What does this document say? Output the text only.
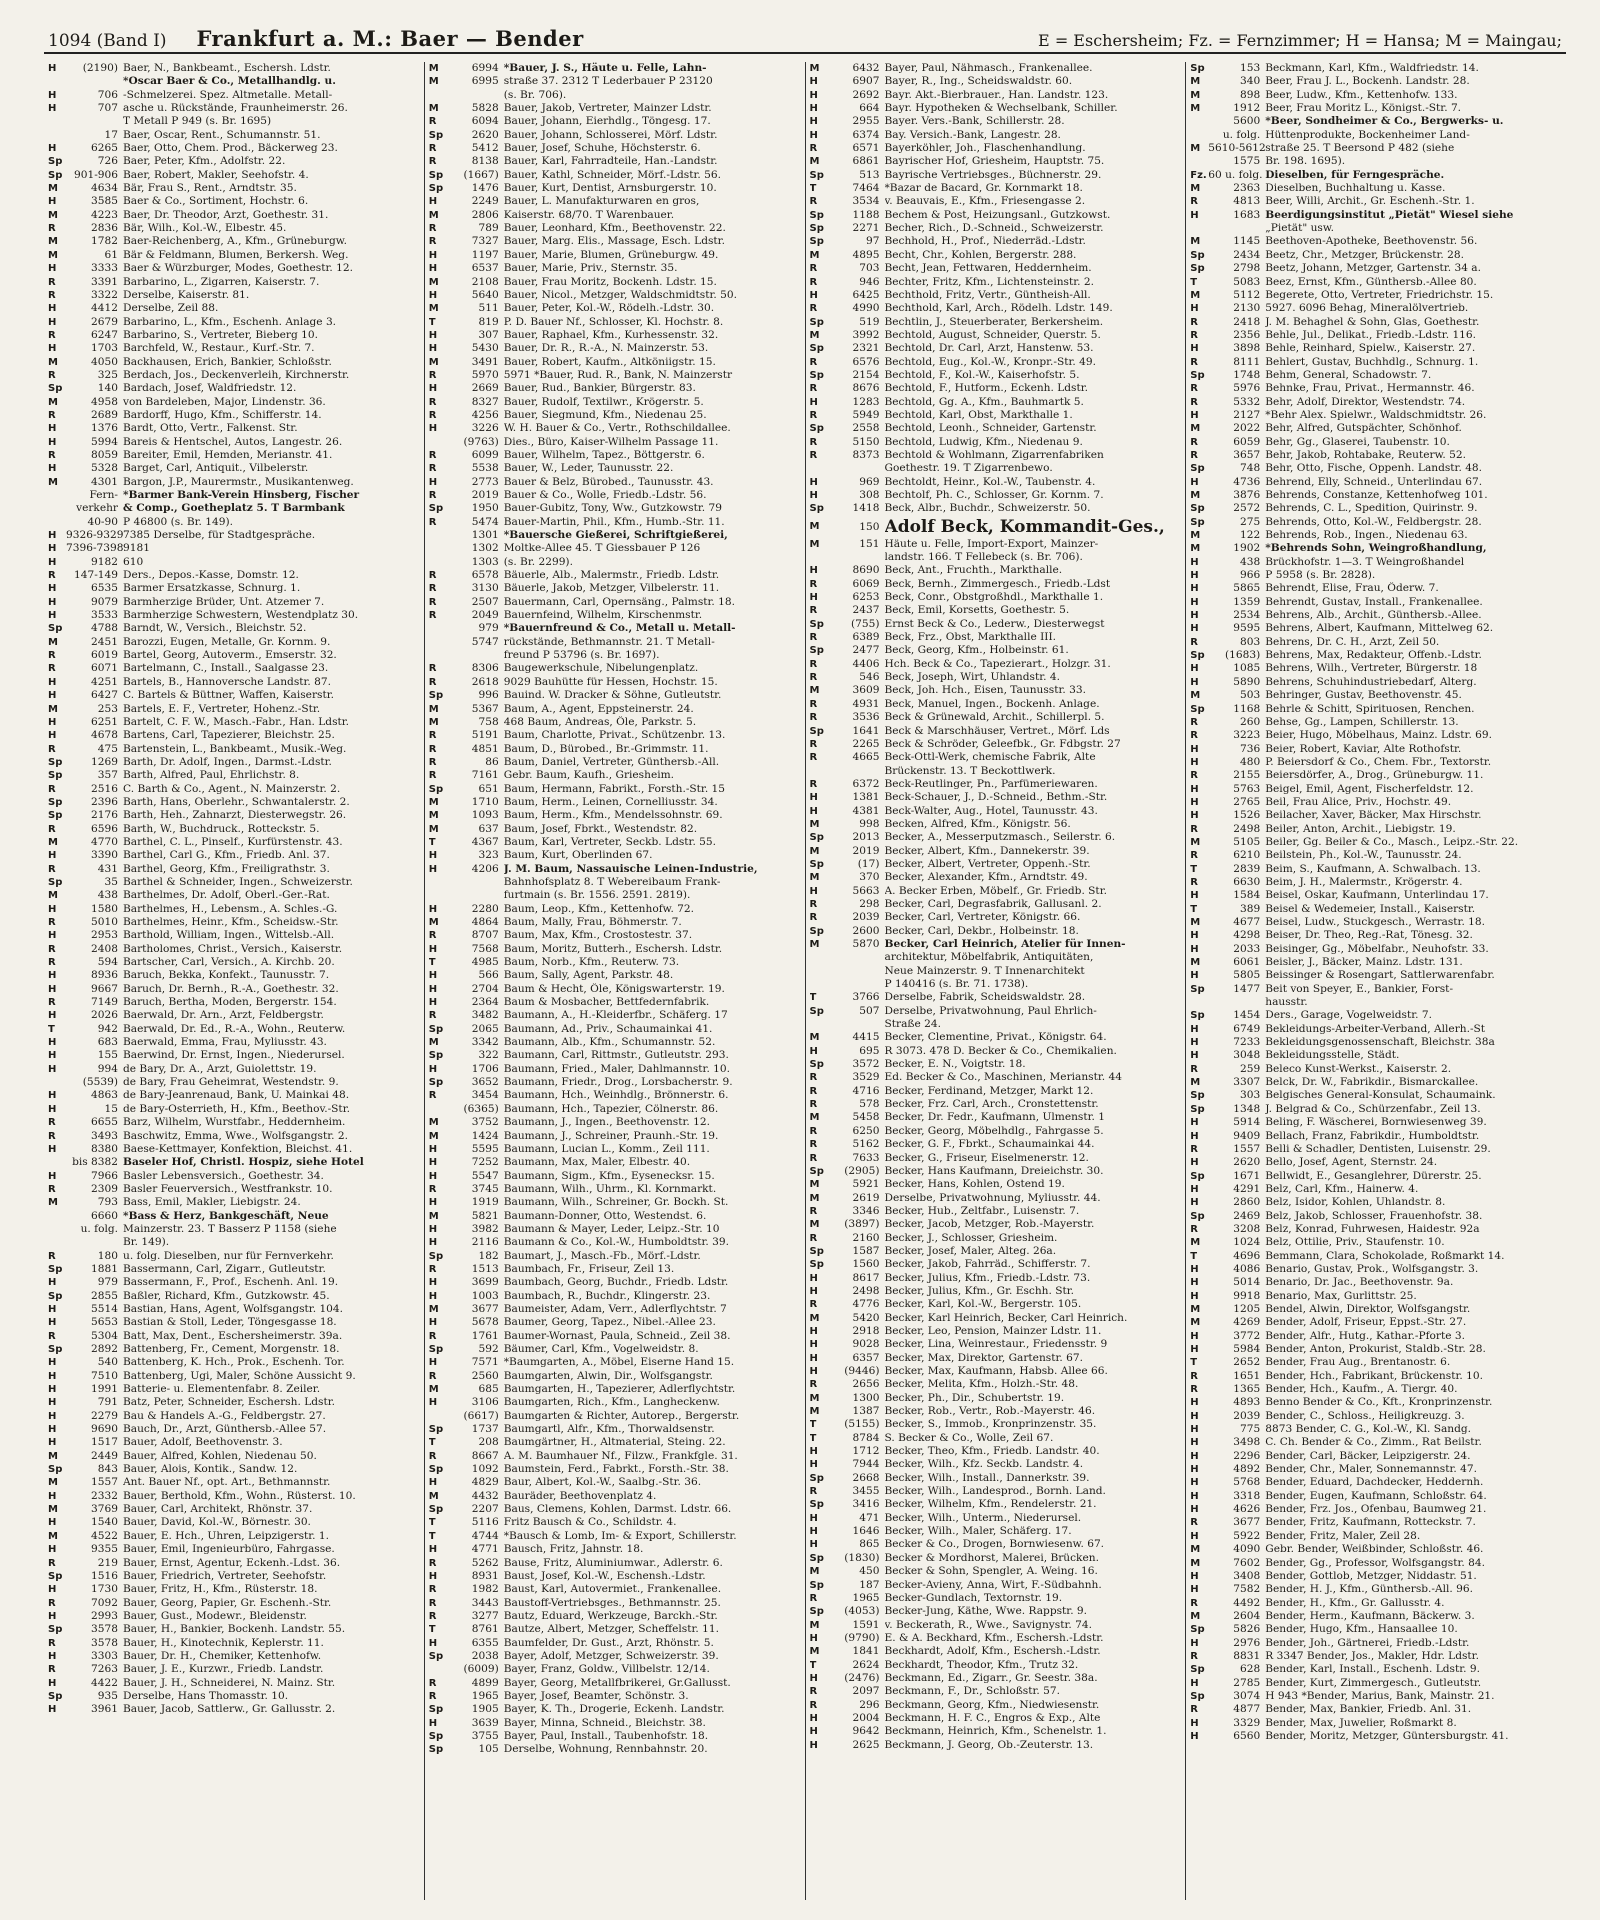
1094 (Band I) Frankfurt a. M.: Baer — Bender	E = Eschersheim; Fz. = Fernzimmer; H = Hansa; M = Maingau;
H	(2190) Baer, N., Bankbeamt., Eschersh. Ldstr.
*Oscar Baer & Co., Metallhandlg. u.
H	706 -Schmelzerei. Spez. Altmetalle. Metall-
H	707 asche u. Rückstände, Fraunheimerstr. 26.
T Metall P 949 (s. Br. 1695)
17 Baer, Oscar, Rent., Schumannstr. 51.
H	6265 Baer, Otto, Chem. Prod., Bäckerweg 23.
Sp	726 Baer, Peter, Kfm., Adolfstr. 22.
Sp	901-906 Baer, Robert, Makler, Seehofstr. 4.
M	4634 Bär, Frau S., Rent., Arndtstr. 35.
H	3585 Baer & Co., Sortiment, Hochstr. 6.
M	4223 Baer, Dr. Theodor, Arzt, Goethestr. 31.
R	2836 Bär, Wilh., Kol.-W., Elbestr. 45.
M	1782 Baer-Reichenberg, A., Kfm., Grüneburgw.
M	61 Bär & Feldmann, Blumen, Berkersh. Weg.
H	3333 Baer & Würzburger, Modes, Goethestr. 12.
R	3391 Barbarino, L., Zigarren, Kaiserstr. 7.
R	3322 Derselbe, Kaiserstr. 81.
H	4412 Derselbe, Zeil 88.
H	2679 Barbarino, L., Kfm., Eschenh. Anlage 3.
R	6247 Barbarino, S., Vertreter, Bieberg 10.
H	1703 Barchfeld, W., Restaur., Kurf.-Str. 7.
M	4050 Backhausen, Erich, Bankier, Schloßstr.
R	325 Berdach, Jos., Deckenverleih, Kirchnerstr.
Sp	140 Bardach, Josef, Waldfriedstr. 12.
M	4958 von Bardeleben, Major, Lindenstr. 36.
R	2689 Bardorff, Hugo, Kfm., Schifferstr. 14.
H	1376 Bardt, Otto, Vertr., Falkenst. Str.
H	5994 Bareis & Hentschel, Autos, Langestr. 26.
R	8059 Bareiter, Emil, Hemden, Merianstr. 41.
H	5328 Barget, Carl, Antiquit., Vilbelerstr.
M	4301 Bargon, J.P., Maurermstr., Musikantenweg.
Fern- *Barmer Bank-Verein Hinsberg, Fischer
verkehr & Comp., Goetheplatz 5. T Barmbank
40-90 P 46800 (s. Br. 149).
H 9326-9329 7385 Derselbe, für Stadtgespräche.
H 7396-7398 9181
H	9182 610
R	147-149 Ders., Depos.-Kasse, Domstr. 12.
H	6535 Barmer Ersatzkasse, Schnurg. 1.
H	9079 Barmherzige Brüder, Unt. Atzemer 7.
H	3533 Barmherzige Schwestern, Westendplatz 30.
Sp	4788 Barndt, W., Versich., Bleichstr. 52.
M	2451 Barozzi, Eugen, Metalle, Gr. Kornm. 9.
R	6019 Bartel, Georg, Autoverm., Emserstr. 32.
R	6071 Bartelmann, C., Install., Saalgasse 23.
H	4251 Bartels, B., Hannoversche Landstr. 87.
H	6427 C. Bartels & Büttner, Waffen, Kaiserstr.
M	253 Bartels, E. F., Vertreter, Hohenz.-Str.
H	6251 Bartelt, C. F. W., Masch.-Fabr., Han. Ldstr.
H	4678 Bartens, Carl, Tapezierer, Bleichstr. 25.
R	475 Bartenstein, L., Bankbeamt., Musik.-Weg.
Sp	1269 Barth, Dr. Adolf, Ingen., Darmst.-Ldstr.
Sp	357 Barth, Alfred, Paul, Ehrlichstr. 8.
R	2516 C. Barth & Co., Agent., N. Mainzerstr. 2.
Sp	2396 Barth, Hans, Oberlehr., Schwantalerstr. 2.
Sp	2176 Barth, Heh., Zahnarzt, Diesterwegstr. 26.
R	6596 Barth, W., Buchdruck., Rotteckstr. 5.
M	4770 Barthel, C. L., Pinself., Kurfürstenstr. 43.
H	3390 Barthel, Carl G., Kfm., Friedb. Anl. 37.
R	431 Barthel, Georg, Kfm., Freiligrathstr. 3.
Sp	35 Barthel & Schneider, Ingen., Schweizerstr.
M	438 Barthelmes, Dr. Adolf, Oberl.-Ger.-Rat.
H	1580 Barthelmes, H., Lebensm., A. Schles.-G.
R	5010 Barthelmes, Heinr., Kfm., Scheidsw.-Str.
H	2953 Barthold, William, Ingen., Wittelsb.-All.
R	2408 Bartholomes, Christ., Versich., Kaiserstr.
R	594 Bartscher, Carl, Versich., A. Kirchb. 20.
H	8936 Baruch, Bekka, Konfekt., Taunusstr. 7.
H	9667 Baruch, Dr. Bernh., R.-A., Goethestr. 32.
R	7149 Baruch, Bertha, Moden, Bergerstr. 154.
H	2026 Baerwald, Dr. Arn., Arzt, Feldbergstr.
T	942 Baerwald, Dr. Ed., R.-A., Wohn., Reuterw.
H	683 Baerwald, Emma, Frau, Myliusstr. 43.
H	155 Baerwind, Dr. Ernst, Ingen., Niederursel.
H	994 de Bary, Dr. A., Arzt, Guiolettstr. 19.
(5539) de Bary, Frau Geheimrat, Westendstr. 9.
H	4863 de Bary-Jeanrenaud, Bank, U. Mainkai 48.
H	15 de Bary-Osterrieth, H., Kfm., Beethov.-Str.
R	6655 Barz, Wilhelm, Wurstfabr., Heddernheim.
R	3493 Baschwitz, Emma, Wwe., Wolfsgangstr. 2.
H	8380 Baese-Kettmayer, Konfektion, Bleichst. 41.
bis 8382 Baseler Hof, Christl. Hospiz, siehe Hotel
H	7966 Basler Lebensversich., Goethestr. 34.
R	2309 Basler Feuerversich., Westfrankstr. 10.
M	793 Bass, Emil, Makler, Liebigstr. 24.
6660 *Bass & Herz, Bankgeschäft, Neue
u. folg. Mainzerstr. 23. T Basserz P 1158 (siehe
Br. 149).
R	180 u. folg. Dieselben, nur für Fernverkehr.
Sp	1881 Bassermann, Carl, Zigarr., Gutleutstr.
H	979 Bassermann, F., Prof., Eschenh. Anl. 19.
Sp	2855 Baßler, Richard, Kfm., Gutzkowstr. 45.
H	5514 Bastian, Hans, Agent, Wolfsgangstr. 104.
H	5653 Bastian & Stoll, Leder, Töngesgasse 18.
R	5304 Batt, Max, Dent., Eschersheimerstr. 39a.
Sp	2892 Battenberg, Fr., Cement, Morgenstr. 18.
H	540 Battenberg, K. Hch., Prok., Eschenh. Tor.
H	7510 Battenberg, Ugi, Maler, Schöne Aussicht 9.
H	1991 Batterie- u. Elementenfabr. 8. Zeiler.
H	791 Batz, Peter, Schneider, Eschersh. Ldstr.
H	2279 Bau & Handels A.-G., Feldbergstr. 27.
H	9690 Bauch, Dr., Arzt, Günthersb.-Allee 57.
H	1517 Bauer, Adolf, Beethovenstr. 3.
M	2449 Bauer, Alfred, Kohlen, Niedenau 50.
Sp	843 Bauer, Alois, Kontik., Sandw. 12.
M	1557 Ant. Bauer Nf., opt. Art., Bethmannstr.
H	2332 Bauer, Berthold, Kfm., Wohn., Rüsterst. 10.
M	3769 Bauer, Carl, Architekt, Rhönstr. 37.
H	1540 Bauer, David, Kol.-W., Börnestr. 30.
M	4522 Bauer, E. Hch., Uhren, Leipzigerstr. 1.
H	9355 Bauer, Emil, Ingenieurbüro, Fahrgasse.
R	219 Bauer, Ernst, Agentur, Eckenh.-Ldst. 36.
Sp	1516 Bauer, Friedrich, Vertreter, Seehofstr.
H	1730 Bauer, Fritz, H., Kfm., Rüsterstr. 18.
R	7092 Bauer, Georg, Papier, Gr. Eschenh.-Str.
H	2993 Bauer, Gust., Modewr., Bleidenstr.
Sp	3578 Bauer, H., Bankier, Bockenh. Landstr. 55.
R	3578 Bauer, H., Kinotechnik, Keplerstr. 11.
H	3303 Bauer, Dr. H., Chemiker, Kettenhofw.
R	7263 Bauer, J. E., Kurzwr., Friedb. Landstr.
H	4422 Bauer, J. H., Schneiderei, N. Mainz. Str.
Sp	935 Derselbe, Hans Thomasstr. 10.
H	3961 Bauer, Jacob, Sattlerw., Gr. Gallusstr. 2.
M	6994 *Bauer, J. S., Häute u. Felle, Lahn-
M	6995 straße 37. 2312 T Lederbauer P 23120
(s. Br. 706).
M	5828 Bauer, Jakob, Vertreter, Mainzer Ldstr.
R	6094 Bauer, Johann, Eierhdlg., Töngesg. 17.
Sp	2620 Bauer, Johann, Schlosserei, Mörf. Ldstr.
R	5412 Bauer, Josef, Schuhe, Höchsterstr. 6.
R	8138 Bauer, Karl, Fahrradteile, Han.-Landstr.
Sp	(1667) Bauer, Kathl, Schneider, Mörf.-Ldstr. 56.
Sp	1476 Bauer, Kurt, Dentist, Arnsburgerstr. 10.
H	2249 Bauer, L. Manufakturwaren en gros,
M	2806 Kaiserstr. 68/70. T Warenbauer.
R	789 Bauer, Leonhard, Kfm., Beethovenstr. 22.
R	7327 Bauer, Marg. Elis., Massage, Esch. Ldstr.
H	1197 Bauer, Marie, Blumen, Grüneburgw. 49.
H	6537 Bauer, Marie, Priv., Sternstr. 35.
M	2108 Bauer, Frau Moritz, Bockenh. Ldstr. 15.
H	5640 Bauer, Nicol., Metzger, Waldschmidtstr. 50.
M	511 Bauer, Peter, Kol.-W., Rödelh.-Ldstr. 30.
T	819 P. D. Bauer Nf., Schlosser, Kl. Hochstr. 8.
H	307 Bauer, Raphael, Kfm., Kurhessenstr. 32.
H	5430 Bauer, Dr. R., R.-A., N. Mainzerstr. 53.
M	3491 Bauer, Robert, Kaufm., Altköniigstr. 15.
R	5970 5971 *Bauer, Rud. R., Bank, N. Mainzerstr
H	2669 Bauer, Rud., Bankier, Bürgerstr. 83.
R	8327 Bauer, Rudolf, Textilwr., Krögerstr. 5.
R	4256 Bauer, Siegmund, Kfm., Niedenau 25.
H	3226 W. H. Bauer & Co., Vertr., Rothschildallee.
(9763) Dies., Büro, Kaiser-Wilhelm Passage 11.
R	6099 Bauer, Wilhelm, Tapez., Böttgerstr. 6.
R	5538 Bauer, W., Leder, Taunusstr. 22.
H	2773 Bauer & Belz, Bürobed., Taunusstr. 43.
R	2019 Bauer & Co., Wolle, Friedb.-Ldstr. 56.
Sp	1950 Bauer-Gubitz, Tony, Ww., Gutzkowstr. 79
R	5474 Bauer-Martin, Phil., Kfm., Humb.-Str. 11.
1301 *Bauersche Gießerei, Schriftgießerei,
1302 Moltke-Allee 45. T Giessbauer P 126
1303 (s. Br. 2299).
R	6578 Bäuerle, Alb., Malermstr., Friedb. Ldstr.
R	3130 Bäuerle, Jakob, Metzger, Vilbelerstr. 11.
R	2507 Bauermann, Carl, Opernsäng., Palmstr. 18.
R	2049 Bauernfeind, Wilhelm, Kirschenmstr.
979 *Bauernfreund & Co., Metall u. Metall-
5747 rückstände, Bethmannstr. 21. T Metall-
freund P 53796 (s. Br. 1697).
R	8306 Baugewerkschule, Nibelungenplatz.
R	2618 9029 Bauhütte für Hessen, Hochstr. 15.
Sp	996 Bauind. W. Dracker & Söhne, Gutleutstr.
M	5367 Baum, A., Agent, Eppsteinerstr. 24.
M	758 468 Baum, Andreas, Öle, Parkstr. 5.
R	5191 Baum, Charlotte, Privat., Schützenbr. 13.
R	4851 Baum, D., Bürobed., Br.-Grimmstr. 11.
R	86 Baum, Daniel, Vertreter, Günthersb.-All.
R	7161 Gebr. Baum, Kaufh., Griesheim.
Sp	651 Baum, Hermann, Fabrikt., Forsth.-Str. 15
M	1710 Baum, Herm., Leinen, Cornelliusstr. 34.
M	1093 Baum, Herm., Kfm., Mendelssohnstr. 69.
M	637 Baum, Josef, Fbrkt., Westendstr. 82.
T	4367 Baum, Karl, Vertreter, Seckb. Ldstr. 55.
H	323 Baum, Kurt, Oberlinden 67.
H	4206 J. M. Baum, Nassauische Leinen-Industrie,
Bahnhofsplatz 8. T Webereibaum Frank-
furtmain (s. Br. 1556. 2591. 2819).
H	2280 Baum, Leop., Kfm., Kettenhofw. 72.
M	4864 Baum, Mally, Frau, Böhmerstr. 7.
R	8707 Baum, Max, Kfm., Crostostestr. 37.
H	7568 Baum, Moritz, Butterh., Eschersh. Ldstr.
T	4985 Baum, Norb., Kfm., Reuterw. 73.
H	566 Baum, Sally, Agent, Parkstr. 48.
H	2704 Baum & Hecht, Öle, Königswarterstr. 19.
H	2364 Baum & Mosbacher, Bettfedernfabrik.
R	3482 Baumann, A., H.-Kleiderfbr., Schäferg. 17
Sp	2065 Baumann, Ad., Priv., Schaumainkai 41.
M	3342 Baumann, Alb., Kfm., Schumannstr. 52.
Sp	322 Baumann, Carl, Rittmstr., Gutleutstr. 293.
H	1706 Baumann, Fried., Maler, Dahlmannstr. 10.
Sp	3652 Baumann, Friedr., Drog., Lorsbacherstr. 9.
R	3454 Baumann, Hch., Weinhdlg., Brönnerstr. 6.
(6365) Baumann, Hch., Tapezier, Cölnerstr. 86.
M	3752 Baumann, J., Ingen., Beethovenstr. 12.
M	1424 Baumann, J., Schreiner, Praunh.-Str. 19.
H	5595 Baumann, Lucian L., Komm., Zeil 111.
H	7252 Baumann, Max, Maler, Elbestr. 40.
H	5547 Baumann, Sigm., Kfm., Eysenecksr. 15.
R	3745 Baumann, Wilh., Uhrm., Kl. Kornmarkt.
H	1919 Baumann, Wilh., Schreiner, Gr. Bockh. St.
M	5821 Baumann-Donner, Otto, Westendst. 6.
H	3982 Baumann & Mayer, Leder, Leipz.-Str. 10
H	2116 Baumann & Co., Kol.-W., Humboldtstr. 39.
Sp	182 Baumart, J., Masch.-Fb., Mörf.-Ldstr.
R	1513 Baumbach, Fr., Friseur, Zeil 13.
H	3699 Baumbach, Georg, Buchdr., Friedb. Ldstr.
H	1003 Baumbach, R., Buchdr., Klingerstr. 23.
M	3677 Baumeister, Adam, Verr., Adlerflychtstr. 7
H	5678 Baumer, Georg, Tapez., Nibel.-Allee 23.
R	1761 Baumer-Wornast, Paula, Schneid., Zeil 38.
Sp	592 Bäumer, Carl, Kfm., Vogelweidstr. 8.
H	7571 *Baumgarten, A., Möbel, Eiserne Hand 15.
R	2560 Baumgarten, Alwin, Dir., Wolfsgangstr.
M	685 Baumgarten, H., Tapezierer, Adlerflychtstr.
H	3106 Baumgarten, Rich., Kfm., Langheckenw.
(6617) Baumgarten & Richter, Autorep., Bergerstr.
Sp	1737 Baumgartl, Alfr., Kfm., Thorwaldsenstr.
T	208 Baumgärtner, H., Altmaterial, Steing. 22.
R	8667 A. M. Baumhauer Nf., Filzw., Frankfgle. 31.
Sp	1092 Baumstein, Ferd., Fabrkt., Forsth.-Str. 38.
H	4829 Baur, Albert, Kol.-W., Saalbg.-Str. 36.
M	4432 Bauräder, Beethovenplatz 4.
Sp	2207 Baus, Clemens, Kohlen, Darmst. Ldstr. 66.
T	5116 Fritz Bausch & Co., Schildstr. 4.
T	4744 *Bausch & Lomb, Im- & Export, Schillerstr.
H	4771 Bausch, Fritz, Jahnstr. 18.
R	5262 Bause, Fritz, Aluminiumwar., Adlerstr. 6.
H	8931 Baust, Josef, Kol.-W., Eschensh.-Ldstr.
R	1982 Baust, Karl, Autovermiet., Frankenallee.
R	3443 Baustoff-Vertriebsges., Bethmannstr. 25.
R	3277 Bautz, Eduard, Werkzeuge, Barckh.-Str.
T	8761 Bautze, Albert, Metzger, Scheffelstr. 11.
H	6355 Baumfelder, Dr. Gust., Arzt, Rhönstr. 5.
Sp	2038 Bayer, Adolf, Metzger, Schweizerstr. 39.
(6009) Bayer, Franz, Goldw., Villbelstr. 12/14.
R	4899 Bayer, Georg, Metallfbrikerei, Gr.Gallusst.
R	1965 Bayer, Josef, Beamter, Schönstr. 3.
Sp	1905 Bayer, K. Th., Drogerie, Eckenh. Landstr.
H	3639 Bayer, Minna, Schneid., Bleichstr. 38.
Sp	3755 Bayer, Paul, Install., Taubenhofstr. 18.
Sp	105 Derselbe, Wohnung, Rennbahnstr. 20.
M	6432 Bayer, Paul, Nähmasch., Frankenallee.
H	6907 Bayer, R., Ing., Scheidswaldstr. 60.
H	2692 Bayr. Akt.-Bierbrauer., Han. Landstr. 123.
H	664 Bayr. Hypotheken & Wechselbank, Schiller.
H	2955 Bayer. Vers.-Bank, Schillerstr. 28.
H	6374 Bay. Versich.-Bank, Langestr. 28.
R	6571 Bayerköhler, Joh., Flaschenhandlung.
M	6861 Bayrischer Hof, Griesheim, Hauptstr. 75.
Sp	513 Bayrische Vertriebsges., Büchnerstr. 29.
T	7464 *Bazar de Bacard, Gr. Kornmarkt 18.
R	3534 v. Beauvais, E., Kfm., Friesengasse 2.
Sp	1188 Bechem & Post, Heizungsanl., Gutzkowst.
Sp	2271 Becher, Rich., D.-Schneid., Schweizerstr.
Sp	97 Bechhold, H., Prof., Niederräd.-Ldstr.
M	4895 Becht, Chr., Kohlen, Bergerstr. 288.
R	703 Becht, Jean, Fettwaren, Heddernheim.
R	946 Bechter, Fritz, Kfm., Lichtensteinstr. 2.
H	6425 Bechthold, Fritz, Vertr., Güntheish-All.
R	4990 Bechthold, Karl, Arch., Rödelh. Ldstr. 149.
Sp	519 Bechtlin, J., Steuerberater, Berkersheim.
M	3992 Bechtold, August, Schneider, Querstr. 5.
Sp	2321 Bechtold, Dr. Carl, Arzt, Hanstenw. 53.
R	6576 Bechtold, Eug., Kol.-W., Kronpr.-Str. 49.
Sp	2154 Bechtold, F., Kol.-W., Kaiserhofstr. 5.
R	8676 Bechtold, F., Hutform., Eckenh. Ldstr.
H	1283 Bechtold, Gg. A., Kfm., Bauhmartk 5.
R	5949 Bechtold, Karl, Obst, Markthalle 1.
Sp	2558 Bechtold, Leonh., Schneider, Gartenstr.
R	5150 Bechtold, Ludwig, Kfm., Niedenau 9.
R	8373 Bechtold & Wohlmann, Zigarrenfabriken
Goethestr. 19. T Zigarrenbewo.
H	969 Bechtoldt, Heinr., Kol.-W., Taubenstr. 4.
H	308 Bechtolf, Ph. C., Schlosser, Gr. Kornm. 7.
Sp	1418 Beck, Albr., Buchdr., Schweizerstr. 50.
M	150 Adolf Beck, Kommandit-Ges.,
M	151 Häute u. Felle, Import-Export, Mainzer-
landstr. 166. T Fellebeck (s. Br. 706).
H	8690 Beck, Ant., Fruchth., Markthalle.
R	6069 Beck, Bernh., Zimmergesch., Friedb.-Ldst
H	6253 Beck, Conr., Obstgroßhdl., Markthalle 1.
R	2437 Beck, Emil, Korsetts, Goethestr. 5.
Sp	(755) Ernst Beck & Co., Lederw., Diesterwegst
R	6389 Beck, Frz., Obst, Markthalle III.
Sp	2477 Beck, Georg, Kfm., Holbeinstr. 61.
R	4406 Hch. Beck & Co., Tapezierart., Holzgr. 31.
R	546 Beck, Joseph, Wirt, Uhlandstr. 4.
M	3609 Beck, Joh. Hch., Eisen, Taunusstr. 33.
R	4931 Beck, Manuel, Ingen., Bockenh. Anlage.
R	3536 Beck & Grünewald, Archit., Schillerpl. 5.
Sp	1641 Beck & Marschhäuser, Vertret., Mörf. Lds
R	2265 Beck & Schröder, Geleefbk., Gr. Fdbgstr. 27
R	4665 Beck-Ottl-Werk, chemische Fabrik, Alte
Brückenstr. 13. T Beckottlwerk.
R	6372 Beck-Reutlinger, Pn., Parfümeriewaren.
H	1381 Beck-Schauer, J., D.-Schneid., Bethm.-Str.
H	4381 Beck-Walter, Aug., Hotel, Taunusstr. 43.
M	998 Becken, Alfred, Kfm., Königstr. 56.
Sp	2013 Becker, A., Messerputzmasch., Seilerstr. 6.
M	2019 Becker, Albert, Kfm., Dannekerstr. 39.
Sp	(17) Becker, Albert, Vertreter, Oppenh.-Str.
M	370 Becker, Alexander, Kfm., Arndtstr. 49.
H	5663 A. Becker Erben, Möbelf., Gr. Friedb. Str.
R	298 Becker, Carl, Degrasfabrik, Gallusanl. 2.
R	2039 Becker, Carl, Vertreter, Königstr. 66.
Sp	2600 Becker, Carl, Dekbr., Holbeinstr. 18.
M	5870 Becker, Carl Heinrich, Atelier für Innen-
architektur, Möbelfabrik, Antiquitäten,
Neue Mainzerstr. 9. T Innenarchitekt
P 140416 (s. Br. 71. 1738).
T	3766 Derselbe, Fabrik, Scheidswaldstr. 28.
Sp	507 Derselbe, Privatwohnung, Paul Ehrlich-
Straße 24.
M	4415 Becker, Clementine, Privat., Königstr. 64.
H	695 R 3073. 478 D. Becker & Co., Chemikalien.
Sp	3572 Becker, E. N., Voigtstr. 18.
R	3529 Ed. Becker & Co., Maschinen, Merianstr. 44
R	4716 Becker, Ferdinand, Metzger, Markt 12.
R	578 Becker, Frz. Carl, Arch., Cronstettenstr.
M	5458 Becker, Dr. Fedr., Kaufmann, Ulmenstr. 1
R	6250 Becker, Georg, Möbelhdlg., Fahrgasse 5.
R	5162 Becker, G. F., Fbrkt., Schaumainkai 44.
R	7633 Becker, G., Friseur, Eiselmenerstr. 12.
Sp	(2905) Becker, Hans Kaufmann, Dreieichstr. 30.
M	5921 Becker, Hans, Kohlen, Ostend 19.
M	2619 Derselbe, Privatwohnung, Myliusstr. 44.
R	3346 Becker, Hub., Zeltfabr., Luisenstr. 7.
M	(3897) Becker, Jacob, Metzger, Rob.-Mayerstr.
R	2160 Becker, J., Schlosser, Griesheim.
Sp	1587 Becker, Josef, Maler, Alteg. 26a.
Sp	1560 Becker, Jakob, Fahrräd., Schifferstr. 7.
H	8617 Becker, Julius, Kfm., Friedb.-Ldstr. 73.
H	2498 Becker, Julius, Kfm., Gr. Eschh. Str.
R	4776 Becker, Karl, Kol.-W., Bergerstr. 105.
M	5420 Becker, Karl Heinrich, Becker, Carl Heinrich.
H	2918 Becker, Leo, Pension, Mainzer Ldstr. 11.
H	9028 Becker, Lina, Weinrestaur., Friedensstr. 9
H	6357 Becker, Max, Direktor, Gartenstr. 67.
H	(9446) Becker, Max, Kaufmann, Habsb. Allee 66.
R	2656 Becker, Melita, Kfm., Holzh.-Str. 48.
M	1300 Becker, Ph., Dir., Schubertstr. 19.
M	1387 Becker, Rob., Vertr., Rob.-Mayerstr. 46.
T	(5155) Becker, S., Immob., Kronprinzenstr. 35.
T	8784 S. Becker & Co., Wolle, Zeil 67.
H	1712 Becker, Theo, Kfm., Friedb. Landstr. 40.
H	7944 Becker, Wilh., Kfz. Seckb. Landstr. 4.
Sp	2668 Becker, Wilh., Install., Dannerkstr. 39.
R	3455 Becker, Wilh., Landesprod., Bornh. Land.
Sp	3416 Becker, Wilhelm, Kfm., Rendelerstr. 21.
H	471 Becker, Wilh., Unterm., Niederursel.
H	1646 Becker, Wilh., Maler, Schäferg. 17.
H	865 Becker & Co., Drogen, Bornwiesenw. 67.
Sp	(1830) Becker & Mordhorst, Malerei, Brücken.
M	450 Becker & Sohn, Spengler, A. Weing. 16.
Sp	187 Becker-Avieny, Anna, Wirt, F.-Südbahnh.
R	1965 Becker-Gundlach, Textornstr. 19.
Sp	(4053) Becker-Jung, Käthe, Wwe. Rappstr. 9.
M	1591 v. Beckerath, R., Wwe., Savignystr. 74.
H	(9790) E. & A. Beckhard, Kfm., Eschersh.-Ldstr.
M	1841 Beckhardt, Adolf, Kfm., Eschersh.-Ldstr.
T	2624 Beckhardt, Theodor, Kfm., Trutz 32.
H	(2476) Beckmann, Ed., Zigarr., Gr. Seestr. 38a.
R	2097 Beckmann, F., Dr., Schloßstr. 57.
R	296 Beckmann, Georg, Kfm., Niedwiesenstr.
H	2004 Beckmann, H. F. C., Engros & Exp., Alte
H	9642 Beckmann, Heinrich, Kfm., Schenelstr. 1.
H	2625 Beckmann, J. Georg, Ob.-Zeuterstr. 13.
Sp	153 Beckmann, Karl, Kfm., Waldfriedstr. 14.
M	340 Beer, Frau J. L., Bockenh. Landstr. 28.
M	898 Beer, Ludw., Kfm., Kettenhofw. 133.
M	1912 Beer, Frau Moritz L., Königst.-Str. 7.
5600 *Beer, Sondheimer & Co., Bergwerks- u.
u. folg. Hüttenprodukte, Bockenheimer Land-
M 5610-5612 straße 25. T Beersond P 482 (siehe
1575 Br. 198. 1695).
Fz. 60 u. folg. Dieselben, für Ferngespräche.
M	2363 Dieselben, Buchhaltung u. Kasse.
R	4813 Beer, Willi, Archit., Gr. Eschenh.-Str. 1.
H	1683 Beerdigungsinstitut „Pietät" Wiesel siehe
„Pietät" usw.
M	1145 Beethoven-Apotheke, Beethovenstr. 56.
Sp	2434 Beetz, Chr., Metzger, Brückenstr. 28.
Sp	2798 Beetz, Johann, Metzger, Gartenstr. 34 a.
T	5083 Beez, Ernst, Kfm., Günthersb.-Allee 80.
M	5112 Begerete, Otto, Vertreter, Friedrichstr. 15.
H	2130 5927. 6096 Behag, Mineralölvertrieb.
R	2418 J. M. Behaghel & Sohn, Glas, Goethestr.
R	2356 Behle, Jul., Delikat., Friedb.-Ldstr. 116.
H	3898 Behle, Reinhard, Spielw., Kaiserstr. 27.
R	8111 Behlert, Gustav, Buchhdlg., Schnurg. 1.
Sp	1748 Behm, General, Schadowstr. 7.
R	5976 Behnke, Frau, Privat., Hermannstr. 46.
R	5332 Behr, Adolf, Direktor, Westendstr. 74.
H	2127 *Behr Alex. Spielwr., Waldschmidtstr. 26.
M	2022 Behr, Alfred, Gutspächter, Schönhof.
R	6059 Behr, Gg., Glaserei, Taubenstr. 10.
R	3657 Behr, Jakob, Rohtabake, Reuterw. 52.
Sp	748 Behr, Otto, Fische, Oppenh. Landstr. 48.
H	4736 Behrend, Elly, Schneid., Unterlindau 67.
M	3876 Behrends, Constanze, Kettenhofweg 101.
Sp	2572 Behrends, C. L., Spedition, Quirinstr. 9.
Sp	275 Behrends, Otto, Kol.-W., Feldbergstr. 28.
M	122 Behrends, Rob., Ingen., Niedenau 63.
M	1902 *Behrends Sohn, Weingroßhandlung,
H	438 Brückhofstr. 1—3. T Weingroßhandel
H	966 P 5958 (s. Br. 2828).
H	5865 Behrendt, Elise, Frau, Öderw. 7.
H	1359 Behrendt, Gustav, Install., Frankenallee.
H	2534 Behrens, Alb., Archit., Günthersb.-Allee.
H	9595 Behrens, Albert, Kaufmann, Mittelweg 62.
R	803 Behrens, Dr. C. H., Arzt, Zeil 50.
Sp	(1683) Behrens, Max, Redakteur, Offenb.-Ldstr.
H	1085 Behrens, Wilh., Vertreter, Bürgerstr. 18
H	5890 Behrens, Schuhindustriebedarf, Alterg.
M	503 Behringer, Gustav, Beethovenstr. 45.
Sp	1168 Behrle & Schitt, Spirituosen, Renchen.
R	260 Behse, Gg., Lampen, Schillerstr. 13.
R	3223 Beier, Hugo, Möbelhaus, Mainz. Ldstr. 69.
H	736 Beier, Robert, Kaviar, Alte Rothofstr.
H	480 P. Beiersdorf & Co., Chem. Fbr., Textorstr.
R	2155 Beiersdörfer, A., Drog., Grüneburgw. 11.
H	5763 Beigel, Emil, Agent, Fischerfeldstr. 12.
H	2765 Beil, Frau Alice, Priv., Hochstr. 49.
H	1526 Beilacher, Xaver, Bäcker, Max Hirschstr.
R	2498 Beiler, Anton, Archit., Liebigstr. 19.
M	5105 Beiler, Gg. Beiler & Co., Masch., Leipz.-Str. 22.
R	6210 Beilstein, Ph., Kol.-W., Taunusstr. 24.
T	2839 Beim, S., Kaufmann, A. Schwalbach. 13.
R	6630 Beim, J. H., Malermstr., Krögerstr. 4.
H	1584 Beisel, Oskar, Kaufmann, Unterlindau 17.
T	389 Beisel & Wedemeier, Install., Kaiserstr.
M	4677 Beisel, Ludw., Stuckgesch., Werrastr. 18.
H	4298 Beiser, Dr. Theo, Reg.-Rat, Tönesg. 32.
H	2033 Beisinger, Gg., Möbelfabr., Neuhofstr. 33.
M	6061 Beisler, J., Bäcker, Mainz. Ldstr. 131.
H	5805 Beissinger & Rosengart, Sattlerwarenfabr.
Sp	1477 Beit von Speyer, E., Bankier, Forst-
hausstr.
Sp	1454 Ders., Garage, Vogelweidstr. 7.
H	6749 Bekleidungs-Arbeiter-Verband, Allerh.-St
H	7233 Bekleidungsgenossenschaft, Bleichstr. 38a
H	3048 Bekleidungsstelle, Städt.
R	259 Beleco Kunst-Werkst., Kaiserstr. 2.
M	3307 Belck, Dr. W., Fabrikdir., Bismarckallee.
Sp	303 Belgisches General-Konsulat, Schaumaink.
Sp	1348 J. Belgrad & Co., Schürzenfabr., Zeil 13.
H	5914 Beling, F. Wäscherei, Bornwiesenweg 39.
H	9409 Bellach, Franz, Fabrikdir., Humboldtstr.
R	1557 Belli & Schadler, Dentisten, Luisenstr. 29.
H	2620 Bello, Josef, Agent, Sternstr. 24.
Sp	1671 Bellwidt, E., Gesanglehrer, Dürerstr. 25.
H	4291 Belz, Carl, Kfm., Hainerw. 4.
H	2860 Belz, Isidor, Kohlen, Uhlandstr. 8.
Sp	2469 Belz, Jakob, Schlosser, Frauenhofstr. 38.
R	3208 Belz, Konrad, Fuhrwesen, Haidestr. 92a
M	1024 Belz, Ottilie, Priv., Staufenstr. 10.
T	4696 Bemmann, Clara, Schokolade, Roßmarkt 14.
H	4086 Benario, Gustav, Prok., Wolfsgangstr. 3.
H	5014 Benario, Dr. Jac., Beethovenstr. 9a.
H	9918 Benario, Max, Gurlittstr. 25.
M	1205 Bendel, Alwin, Direktor, Wolfsgangstr.
M	4269 Bender, Adolf, Friseur, Eppst.-Str. 27.
H	3772 Bender, Alfr., Hutg., Kathar.-Pforte 3.
H	5984 Bender, Anton, Prokurist, Staldb.-Str. 28.
T	2652 Bender, Frau Aug., Brentanostr. 6.
R	1651 Bender, Hch., Fabrikant, Brückenstr. 10.
R	1365 Bender, Hch., Kaufm., A. Tiergr. 40.
H	4893 Benno Bender & Co., Kft., Kronprinzenstr.
H	2039 Bender, C., Schloss., Heiligkreuzg. 3.
H	775 8873 Bender, C. G., Kol.-W., Kl. Sandg.
H	3498 C. Ch. Bender & Co., Zimm., Rat Beilstr.
H	2296 Bender, Carl, Bäcker, Leipzigerstr. 24.
H	4892 Bender, Chr., Maler, Sonnemannstr. 47.
H	5768 Bender, Eduard, Dachdecker, Heddernh.
H	3318 Bender, Eugen, Kaufmann, Schloßstr. 64.
H	4626 Bender, Frz. Jos., Ofenbau, Baumweg 21.
R	3677 Bender, Fritz, Kaufmann, Rotteckstr. 7.
H	5922 Bender, Fritz, Maler, Zeil 28.
M	4090 Gebr. Bender, Weißbinder, Schloßstr. 46.
M	7602 Bender, Gg., Professor, Wolfsgangstr. 84.
H	3408 Bender, Gottlob, Metzger, Niddastr. 51.
H	7582 Bender, H. J., Kfm., Günthersb.-All. 96.
R	4492 Bender, H., Kfm., Gr. Gallusstr. 4.
M	2604 Bender, Herm., Kaufmann, Bäckerw. 3.
Sp	5826 Bender, Hugo, Kfm., Hansaallee 10.
H	2976 Bender, Joh., Gärtnerei, Friedb.-Ldstr.
R	8831 R 3347 Bender, Jos., Makler, Hdr. Ldstr.
Sp	628 Bender, Karl, Install., Eschenh. Ldstr. 9.
H	2785 Bender, Kurt, Zimmergesch., Gutleutstr.
Sp	3074 H 943 *Bender, Marius, Bank, Mainstr. 21.
R	4877 Bender, Max, Bankier, Friedb. Anl. 31.
H	3329 Bender, Max, Juwelier, Roßmarkt 8.
H	6560 Bender, Moritz, Metzger, Güntersburgstr. 41.
